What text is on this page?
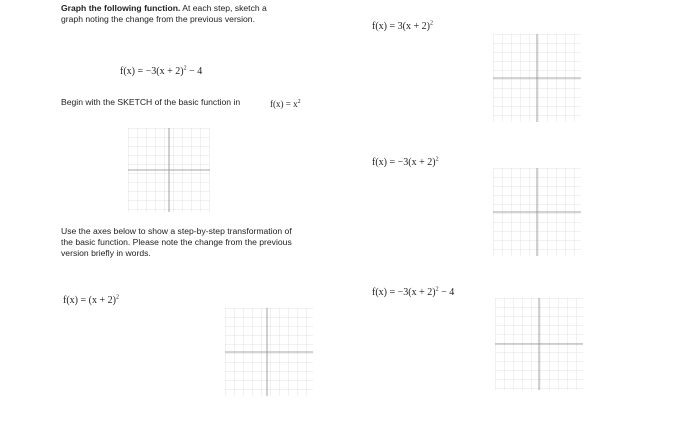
Graph the following function. At each step, sketch a
graph noting the change from the previous version.
$f(x) = -3(x + 2)^2 - 4$
Begin with the SKETCH of the basic function in	$f(x) = x^2$
Use the axes below to show a step-by-step transformation of
the basic function. Please note the change from the previous
version briefly in words.
$f(x) = (x + 2)^2$
$f(x) = 3(x + 2)^2$
$f(x) = -3(x + 2)^2$
$f(x) = -3(x + 2)^2 - 4$
